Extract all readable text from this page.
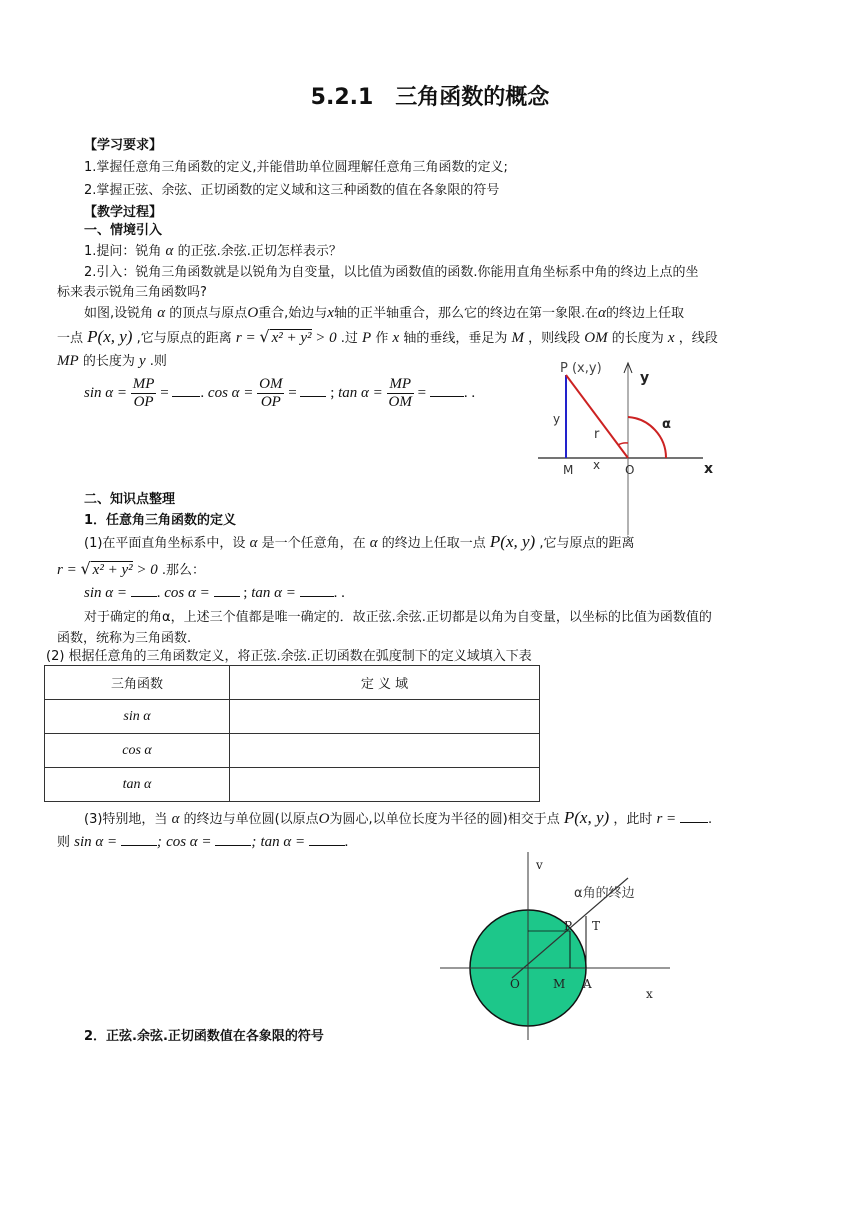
5.2.1　三角函数的概念
【学习要求】
1.掌握任意角三角函数的定义,并能借助单位圆理解任意角三角函数的定义;
2.掌握正弦、余弦、正切函数的定义域和这三种函数的值在各象限的符号
【教学过程】
一、情境引入
1.提问：锐角 α 的正弦.余弦.正切怎样表示？
2.引入：锐角三角函数就是以锐角为自变量，以比值为函数值的函数.你能用直角坐标系中角的终边上点的坐
标来表示锐角三角函数吗?
如图,设锐角 α 的顶点与原点O重合,始边与x轴的正半轴重合，那么它的终边在第一象限.在α的终边上任取
一点 P(x, y) ,它与原点的距离 r = √ x² + y² > 0 .过 P 作 x 轴的垂线，垂足为 M ，则线段 OM 的长度为 x ，线段
MP 的长度为 y .则
$\sin \alpha = \frac{MP}{OP}$ = . $\cos \alpha = \frac{OM}{OP}$ =  ; $\tan \alpha = \frac{MP}{OM}$ = . .
P (x,y)
y
x
α
r
y
x
M	O
二、知识点整理
1．任意角三角函数的定义
(1)在平面直角坐标系中，设 α 是一个任意角，在 α 的终边上任取一点 P(x, y) ,它与原点的距离
r = √ x² + y² > 0 .那么：
sin α = . cos α =  ; tan α = . .
对于确定的角α，上述三个值都是唯一确定的．故正弦.余弦.正切都是以角为自变量，以坐标的比值为函数值的
函数，统称为三角函数.
(2) 根据任意角的三角函数定义，将正弦.余弦.正切函数在弧度制下的定义域填入下表
三角函数	定 义 域
sin α	
cos α	
tan α	
(3)特别地，当 α 的终边与单位圆(以原点O为圆心,以单位长度为半径的圆)相交于点 P(x, y) ，此时 r = .
则 sin α = ; cos α = ; tan α = .
v
α角的终边
P T
O	M A
x
2．正弦.余弦.正切函数值在各象限的符号
